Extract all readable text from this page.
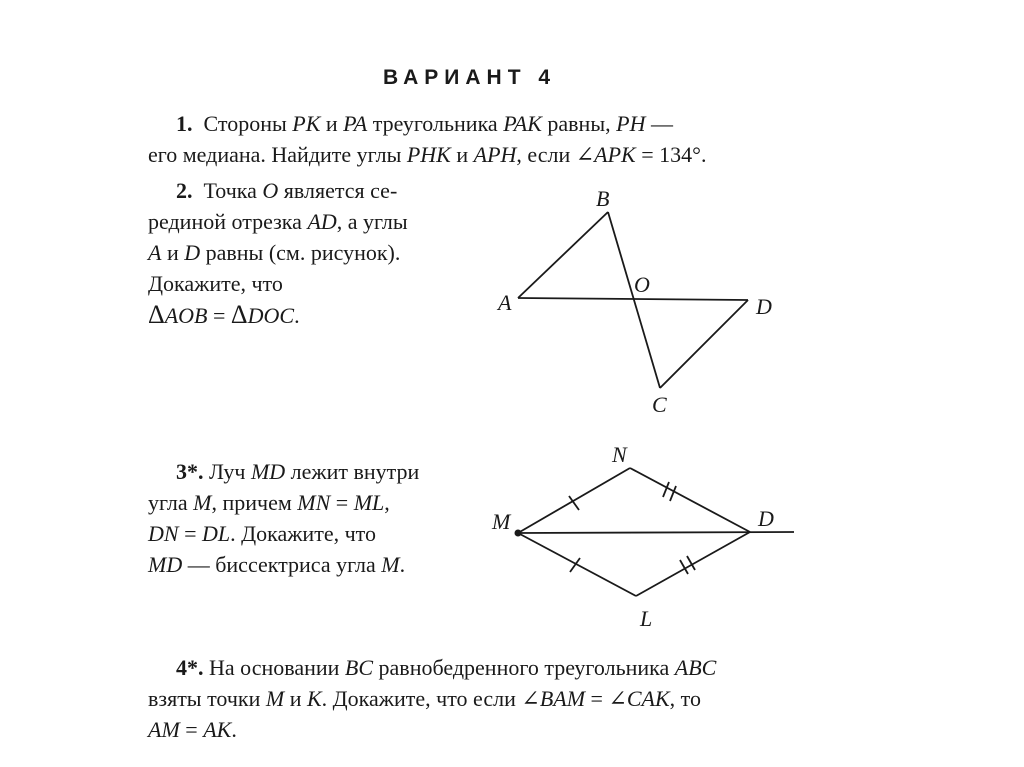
ВАРИАНТ 4
1. Стороны PK и PA треугольника PAK равны, PH —
его медиана. Найдите углы PHK и APH, если ∠APK = 134°.
2. Точка O является се-
рединой отрезка AD, а углы
A и D равны (см. рисунок).
Докажите, что
ΔAOB = ΔDOC.
3*. Луч MD лежит внутри
угла M, причем MN = ML,
DN = DL. Докажите, что
MD — биссектриса угла M.
4*. На основании BC равнобедренного треугольника ABC
взяты точки M и K. Докажите, что если ∠BAM = ∠CAK, то
AM = AK.
A
B
O
D
C
M
N
D
L
